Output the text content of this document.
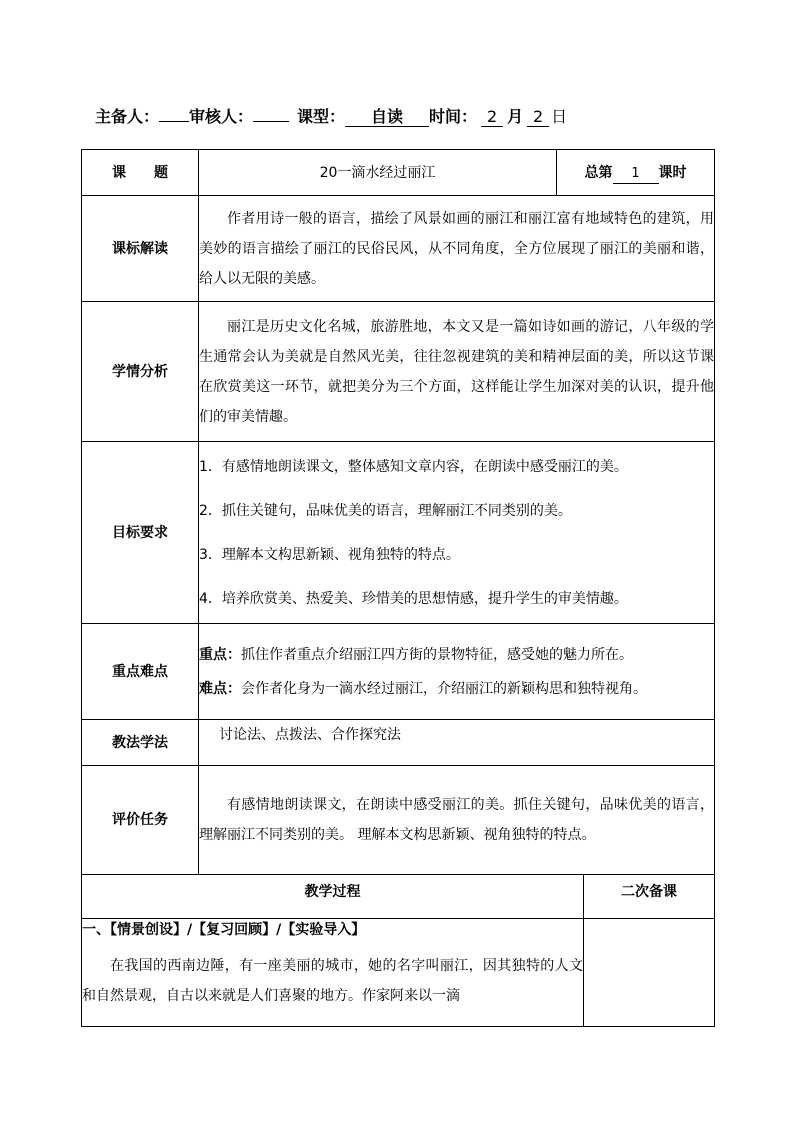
主备人： 审核人：	课型： 自读 时间： 2 月 2 日
课　　题	20一滴水经过丽江	总第 1 课时	
课标解读	作者用诗一般的语言，描绘了风景如画的丽江和丽江富有地域特色的建筑，用美妙的语言描绘了丽江的民俗民风，从不同角度，全方位展现了丽江的美丽和谐，给人以无限的美感。		
学情分析	丽江是历史文化名城，旅游胜地，本文又是一篇如诗如画的游记，八年级的学生通常会认为美就是自然风光美，往往忽视建筑的美和精神层面的美，所以这节课在欣赏美这一环节，就把美分为三个方面，这样能让学生加深对美的认识，提升他们的审美情趣。		
目标要求	1．有感情地朗读课文，整体感知文章内容，在朗读中感受丽江的美。
2．抓住关键句，品味优美的语言，理解丽江不同类别的美。
3．理解本文构思新颖、视角独特的特点。
4．培养欣赏美、热爱美、珍惜美的思想情感，提升学生的审美情趣。		

重点难点	重点：抓住作者重点介绍丽江四方街的景物特征，感受她的魅力所在。
难点：会作者化身为一滴水经过丽江，介绍丽江的新颖构思和独特视角。		

教法学法	讨论法、点拨法、合作探究法		
评价任务	有感情地朗读课文，在朗读中感受丽江的美。抓住关键句，品味优美的语言，理解丽江不同类别的美。 理解本文构思新颖、视角独特的特点。		
教学过程			二次备课

一、【情景创设】/【复习回顾】/【实验导入】
在我国的西南边陲，有一座美丽的城市，她的名字叫丽江，因其独特的人文和自然景观，自古以来就是人们喜聚的地方。作家阿来以一滴			
